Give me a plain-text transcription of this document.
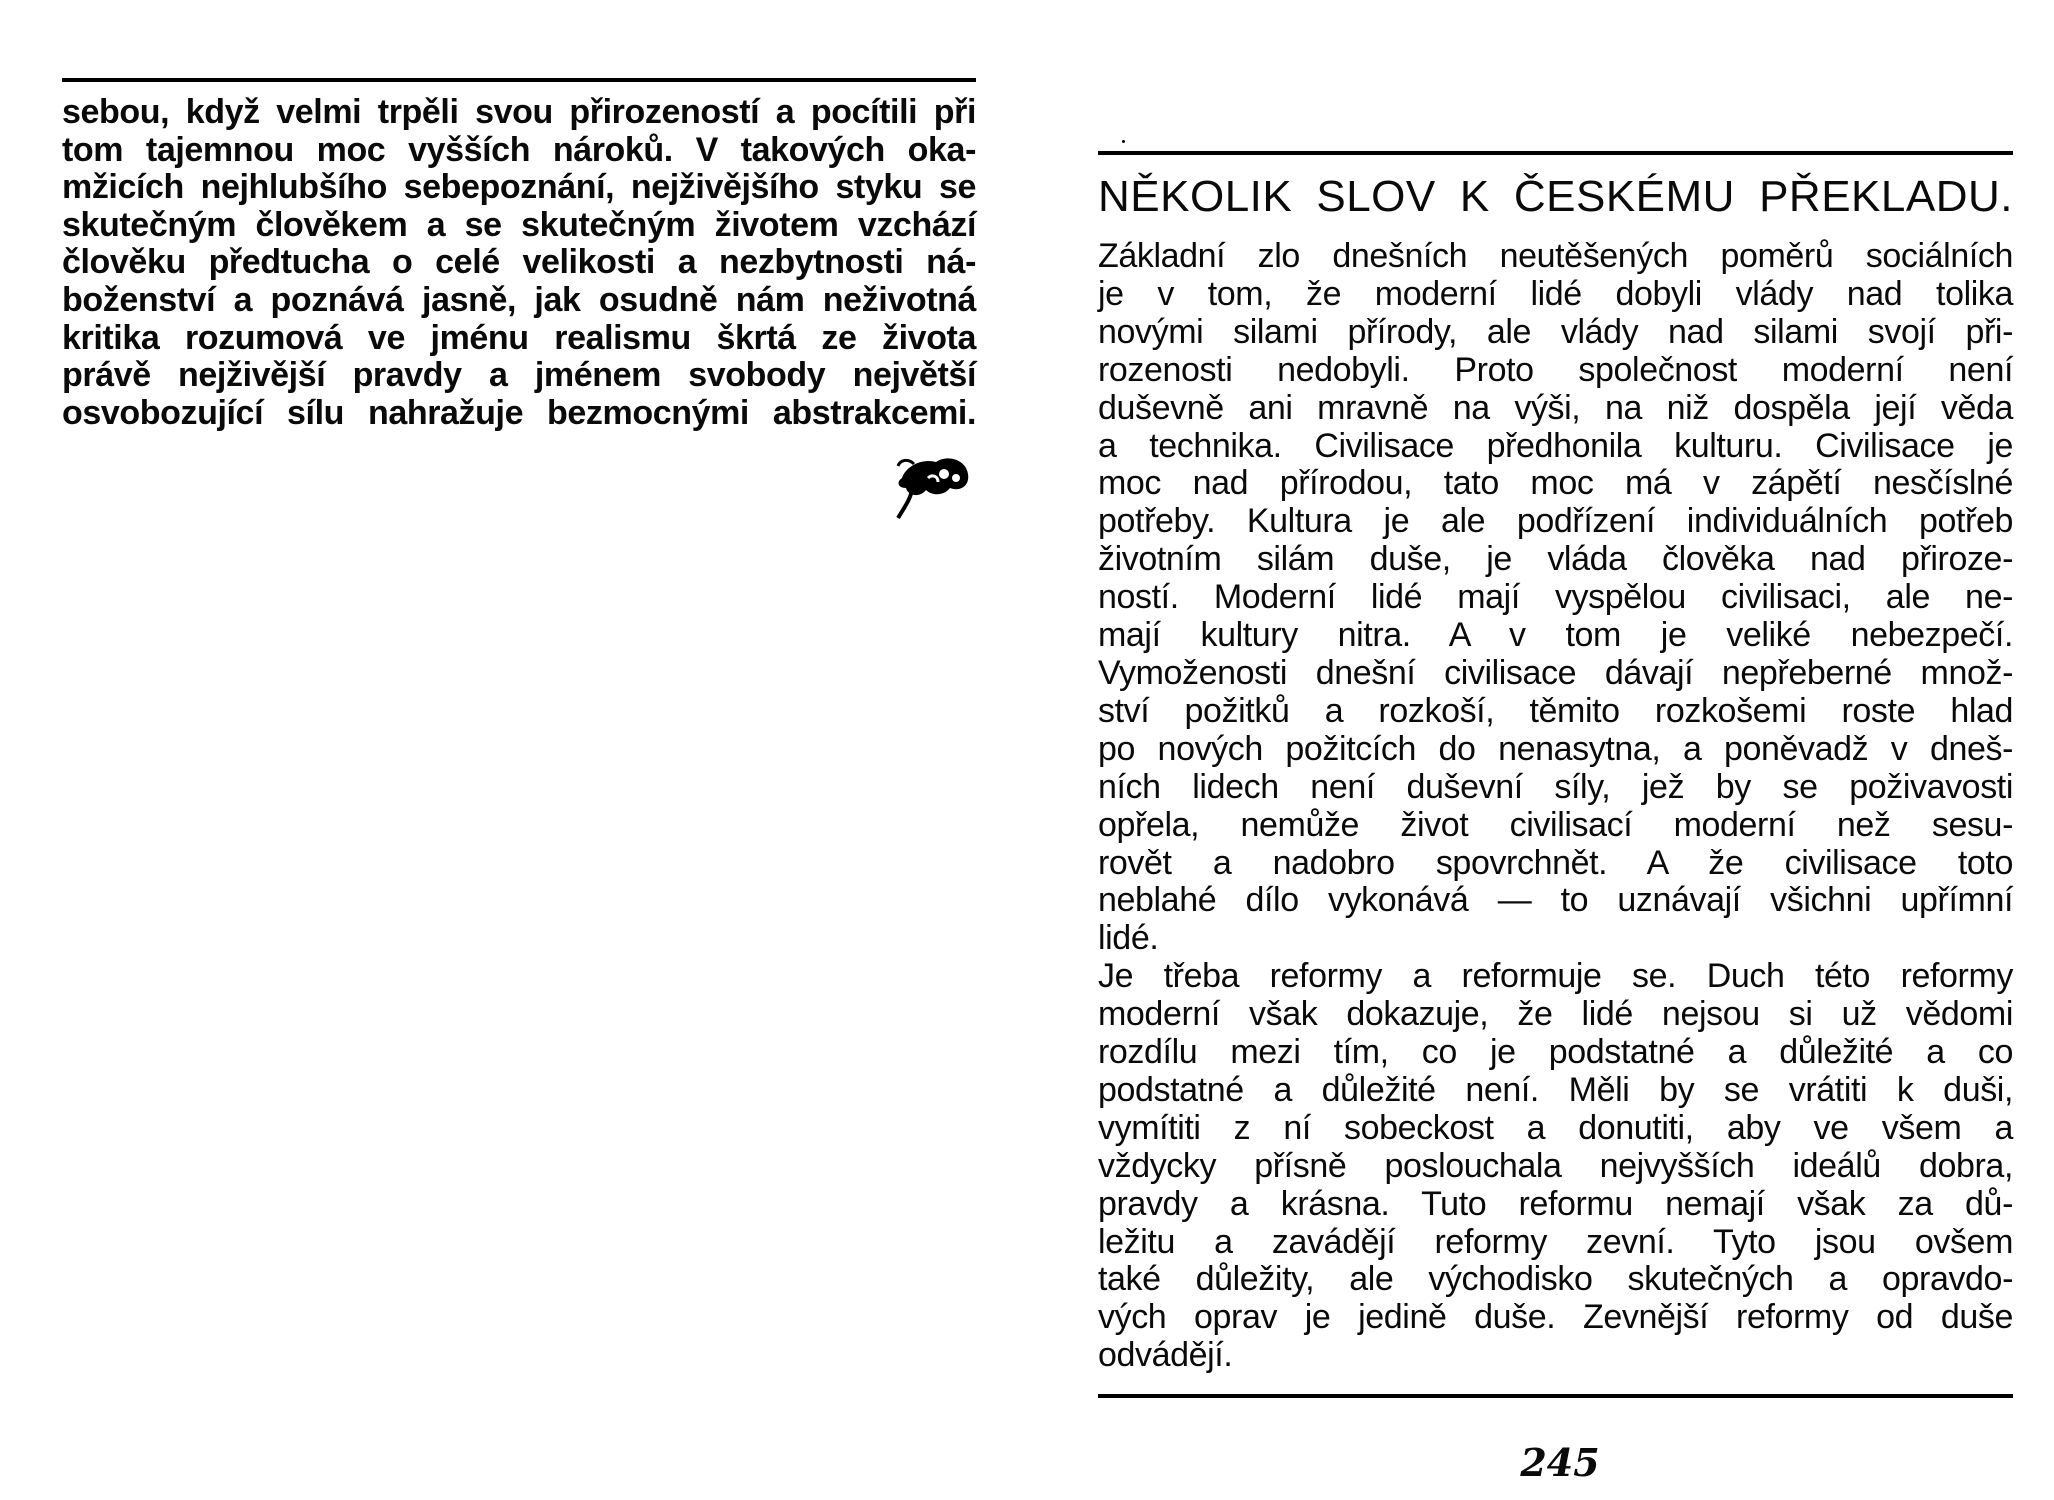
sebou, když velmi trpěli svou přirozeností a pocítili při
tom tajemnou moc vyšších nároků. V takových oka-
mžicích nejhlubšího sebepoznání, nejživějšího styku se
skutečným člověkem a se skutečným životem vzchází
člověku předtucha o celé velikosti a nezbytnosti ná-
boženství a poznává jasně, jak osudně nám neživotná
kritika rozumová ve jménu realismu škrtá ze života
právě nejživější pravdy a jménem svobody největší
osvobozující sílu nahražuje bezmocnými abstrakcemi.
NĚKOLIK SLOV K ČESKÉMU PŘEKLADU.
Základní zlo dnešních neutěšených poměrů sociálních
je v tom, že moderní lidé dobyli vlády nad tolika
novými silami přírody, ale vlády nad silami svojí při-
rozenosti nedobyli. Proto společnost moderní není
duševně ani mravně na výši, na niž dospěla její věda
a technika. Civilisace předhonila kulturu. Civilisace je
moc nad přírodou, tato moc má v zápětí nesčíslné
potřeby. Kultura je ale podřízení individuálních potřeb
životním silám duše, je vláda člověka nad přiroze-
ností. Moderní lidé mají vyspělou civilisaci, ale ne-
mají kultury nitra. A v tom je veliké nebezpečí.
Vymoženosti dnešní civilisace dávají nepřeberné množ-
ství požitků a rozkoší, těmito rozkošemi roste hlad
po nových požitcích do nenasytna, a poněvadž v dneš-
ních lidech není duševní síly, jež by se poživavosti
opřela, nemůže život civilisací moderní než sesu-
rovět a nadobro spovrchnět. A že civilisace toto
neblahé dílo vykonává — to uznávají všichni upřímní
lidé.
Je třeba reformy a reformuje se. Duch této reformy
moderní však dokazuje, že lidé nejsou si už vědomi
rozdílu mezi tím, co je podstatné a důležité a co
podstatné a důležité není. Měli by se vrátiti k duši,
vymítiti z ní sobeckost a donutiti, aby ve všem a
vždycky přísně poslouchala nejvyšších ideálů dobra,
pravdy a krásna. Tuto reformu nemají však za dů-
ležitu a zavádějí reformy zevní. Tyto jsou ovšem
také důležity, ale východisko skutečných a opravdo-
vých oprav je jedině duše. Zevnější reformy od duše
odvádějí.
245
